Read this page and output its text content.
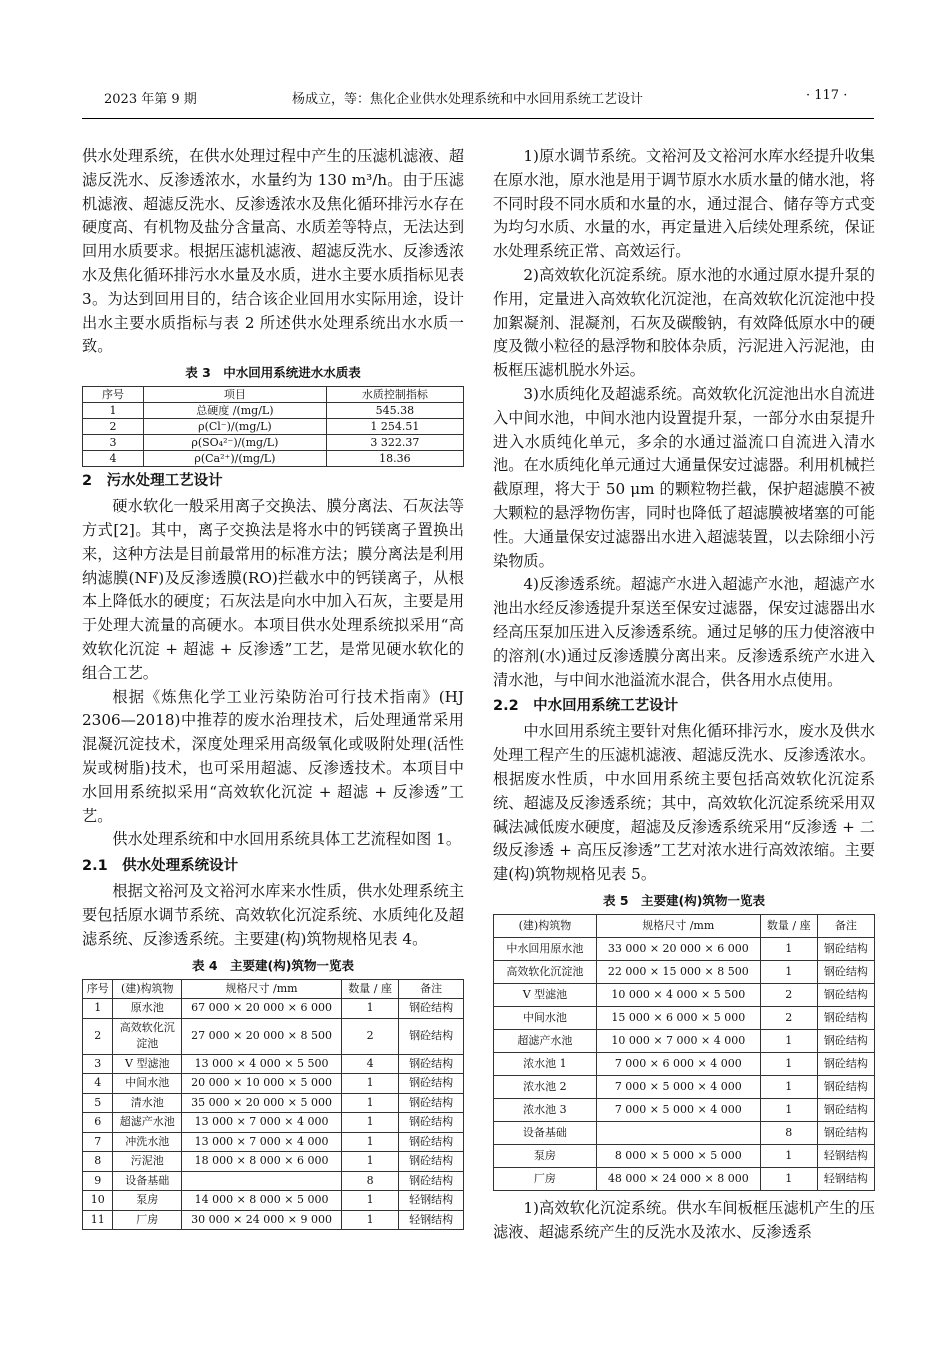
2023 年第 9 期	杨成立，等：焦化企业供水处理系统和中水回用系统工艺设计	· 117 ·

供水处理系统，在供水处理过程中产生的压滤机滤液、超滤反洗水、反渗透浓水，水量约为 130 m³/h。由于压滤机滤液、超滤反洗水、反渗透浓水及焦化循环排污水存在硬度高、有机物及盐分含量高、水质差等特点，无法达到回用水质要求。根据压滤机滤液、超滤反洗水、反渗透浓水及焦化循环排污水水量及水质，进水主要水质指标见表 3。为达到回用目的，结合该企业回用水实际用途，设计出水主要水质指标与表 2 所述供水处理系统出水水质一致。

表 3　中水回用系统进水水质表
序号	项目	水质控制指标
1	总硬度 /(mg/L)	545.38
2	ρ(Cl⁻)/(mg/L)	1 254.51
3	ρ(SO₄²⁻)/(mg/L)	3 322.37
4	ρ(Ca²⁺)/(mg/L)	18.36
2　污水处理工艺设计

硬水软化一般采用离子交换法、膜分离法、石灰法等方式[2]。其中，离子交换法是将水中的钙镁离子置换出来，这种方法是目前最常用的标准方法；膜分离法是利用纳滤膜(NF)及反渗透膜(RO)拦截水中的钙镁离子，从根本上降低水的硬度；石灰法是向水中加入石灰，主要是用于处理大流量的高硬水。本项目供水处理系统拟采用“高效软化沉淀 + 超滤 + 反渗透”工艺，是常见硬水软化的组合工艺。

根据《炼焦化学工业污染防治可行技术指南》(HJ 2306—2018)中推荐的废水治理技术，后处理通常采用混凝沉淀技术，深度处理采用高级氧化或吸附处理(活性炭或树脂)技术，也可采用超滤、反渗透技术。本项目中水回用系统拟采用“高效软化沉淀 + 超滤 + 反渗透”工艺。

供水处理系统和中水回用系统具体工艺流程如图 1。

2.1　供水处理系统设计

根据文裕河及文裕河水库来水性质，供水处理系统主要包括原水调节系统、高效软化沉淀系统、水质纯化及超滤系统、反渗透系统。主要建(构)筑物规格见表 4。

表 4　主要建(构)筑物一览表
序号	(建)构筑物	规格尺寸 /mm	数量 / 座	备注
1	原水池	67 000 × 20 000 × 6 000	1	钢砼结构
2	高效软化沉淀池	27 000 × 20 000 × 8 500	2	钢砼结构
3	V 型滤池	13 000 × 4 000 × 5 500	4	钢砼结构
4	中间水池	20 000 × 10 000 × 5 000	1	钢砼结构
5	清水池	35 000 × 20 000 × 5 000	1	钢砼结构
6	超滤产水池	13 000 × 7 000 × 4 000	1	钢砼结构
7	冲洗水池	13 000 × 7 000 × 4 000	1	钢砼结构
8	污泥池	18 000 × 8 000 × 6 000	1	钢砼结构
9	设备基础		8	钢砼结构
10	泵房	14 000 × 8 000 × 5 000	1	轻钢结构
11	厂房	30 000 × 24 000 × 9 000	1	轻钢结构

1)原水调节系统。文裕河及文裕河水库水经提升收集在原水池，原水池是用于调节原水水质水量的储水池，将不同时段不同水质和水量的水，通过混合、储存等方式变为均匀水质、水量的水，再定量进入后续处理系统，保证水处理系统正常、高效运行。

2)高效软化沉淀系统。原水池的水通过原水提升泵的作用，定量进入高效软化沉淀池，在高效软化沉淀池中投加絮凝剂、混凝剂，石灰及碳酸钠，有效降低原水中的硬度及微小粒径的悬浮物和胶体杂质，污泥进入污泥池，由板框压滤机脱水外运。

3)水质纯化及超滤系统。高效软化沉淀池出水自流进入中间水池，中间水池内设置提升泵，一部分水由泵提升进入水质纯化单元，多余的水通过溢流口自流进入清水池。在水质纯化单元通过大通量保安过滤器。利用机械拦截原理，将大于 50 μm 的颗粒物拦截，保护超滤膜不被大颗粒的悬浮物伤害，同时也降低了超滤膜被堵塞的可能性。大通量保安过滤器出水进入超滤装置，以去除细小污染物质。

4)反渗透系统。超滤产水进入超滤产水池，超滤产水池出水经反渗透提升泵送至保安过滤器，保安过滤器出水经高压泵加压进入反渗透系统。通过足够的压力使溶液中的溶剂(水)通过反渗透膜分离出来。反渗透系统产水进入清水池，与中间水池溢流水混合，供各用水点使用。

2.2　中水回用系统工艺设计

中水回用系统主要针对焦化循环排污水，废水及供水处理工程产生的压滤机滤液、超滤反洗水、反渗透浓水。根据废水性质，中水回用系统主要包括高效软化沉淀系统、超滤及反渗透系统；其中，高效软化沉淀系统采用双碱法减低废水硬度，超滤及反渗透系统采用“反渗透 + 二级反渗透 + 高压反渗透”工艺对浓水进行高效浓缩。主要建(构)筑物规格见表 5。

表 5　主要建(构)筑物一览表
(建)构筑物	规格尺寸 /mm	数量 / 座	备注
中水回用原水池	33 000 × 20 000 × 6 000	1	钢砼结构
高效软化沉淀池	22 000 × 15 000 × 8 500	1	钢砼结构
V 型滤池	10 000 × 4 000 × 5 500	2	钢砼结构
中间水池	15 000 × 6 000 × 5 000	2	钢砼结构
超滤产水池	10 000 × 7 000 × 4 000	1	钢砼结构
浓水池 1	7 000 × 6 000 × 4 000	1	钢砼结构
浓水池 2	7 000 × 5 000 × 4 000	1	钢砼结构
浓水池 3	7 000 × 5 000 × 4 000	1	钢砼结构
设备基础		8	钢砼结构
泵房	8 000 × 5 000 × 5 000	1	轻钢结构
厂房	48 000 × 24 000 × 8 000	1	轻钢结构

1)高效软化沉淀系统。供水车间板框压滤机产生的压滤液、超滤系统产生的反洗水及浓水、反渗透系
